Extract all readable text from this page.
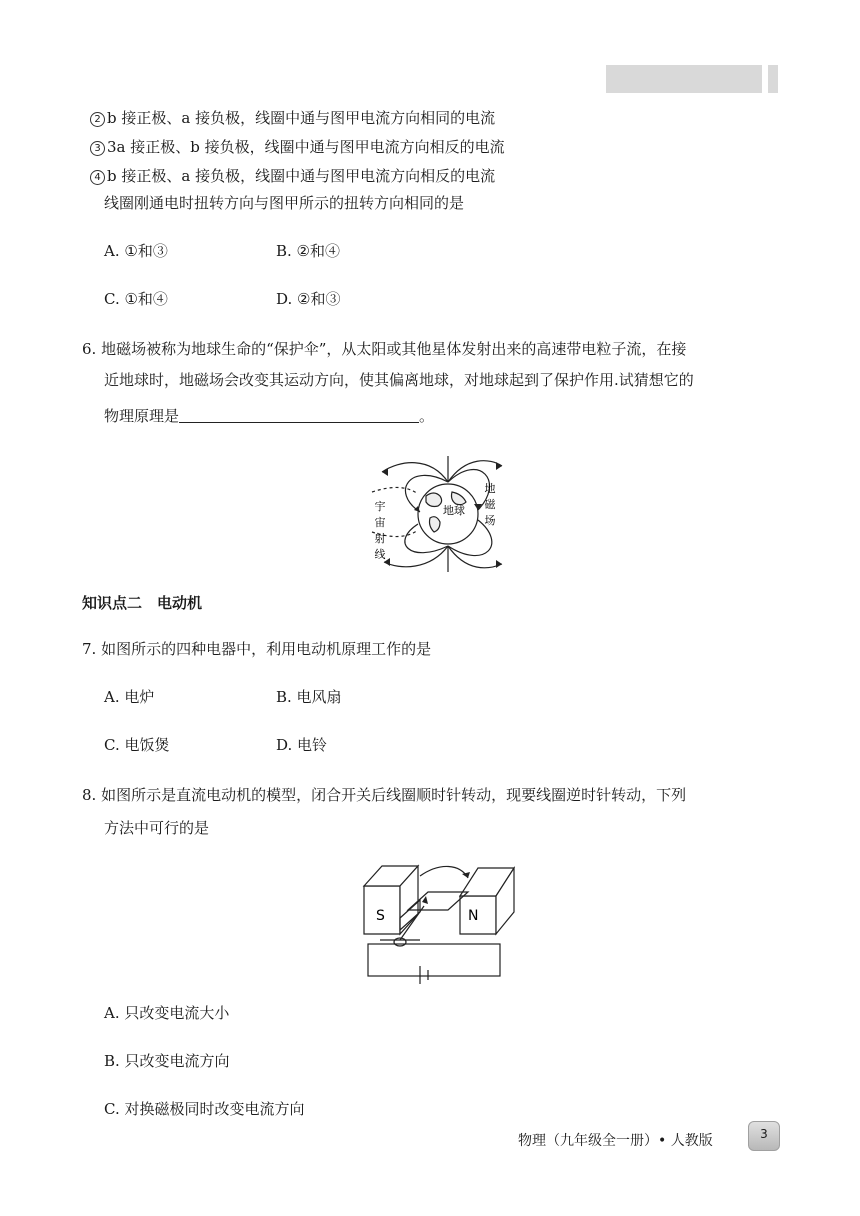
2 b 接正极、a 接负极，线圈中通与图甲电流方向相同的电流
3 3a 接正极、b 接负极，线圈中通与图甲电流方向相反的电流
4 b 接正极、a 接负极，线圈中通与图甲电流方向相反的电流
线圈刚通电时扭转方向与图甲所示的扭转方向相同的是
A. ①和③	B. ②和④
C. ①和④	D. ②和③
6. 地磁场被称为地球生命的“保护伞”，从太阳或其他星体发射出来的高速带电粒子流，在接
近地球时，地磁场会改变其运动方向，使其偏离地球，对地球起到了保护作用.试猜想它的
物理原理是	。
地球
地
磁
场
宇
宙
射
线
知识点二　电动机
7. 如图所示的四种电器中，利用电动机原理工作的是
A. 电炉	B. 电风扇
C. 电饭煲	D. 电铃
8. 如图所示是直流电动机的模型，闭合开关后线圈顺时针转动，现要线圈逆时针转动，下列
方法中可行的是
S	N
A. 只改变电流大小
B. 只改变电流方向
C. 对换磁极同时改变电流方向
物理（九年级全一册）• 人教版	3
